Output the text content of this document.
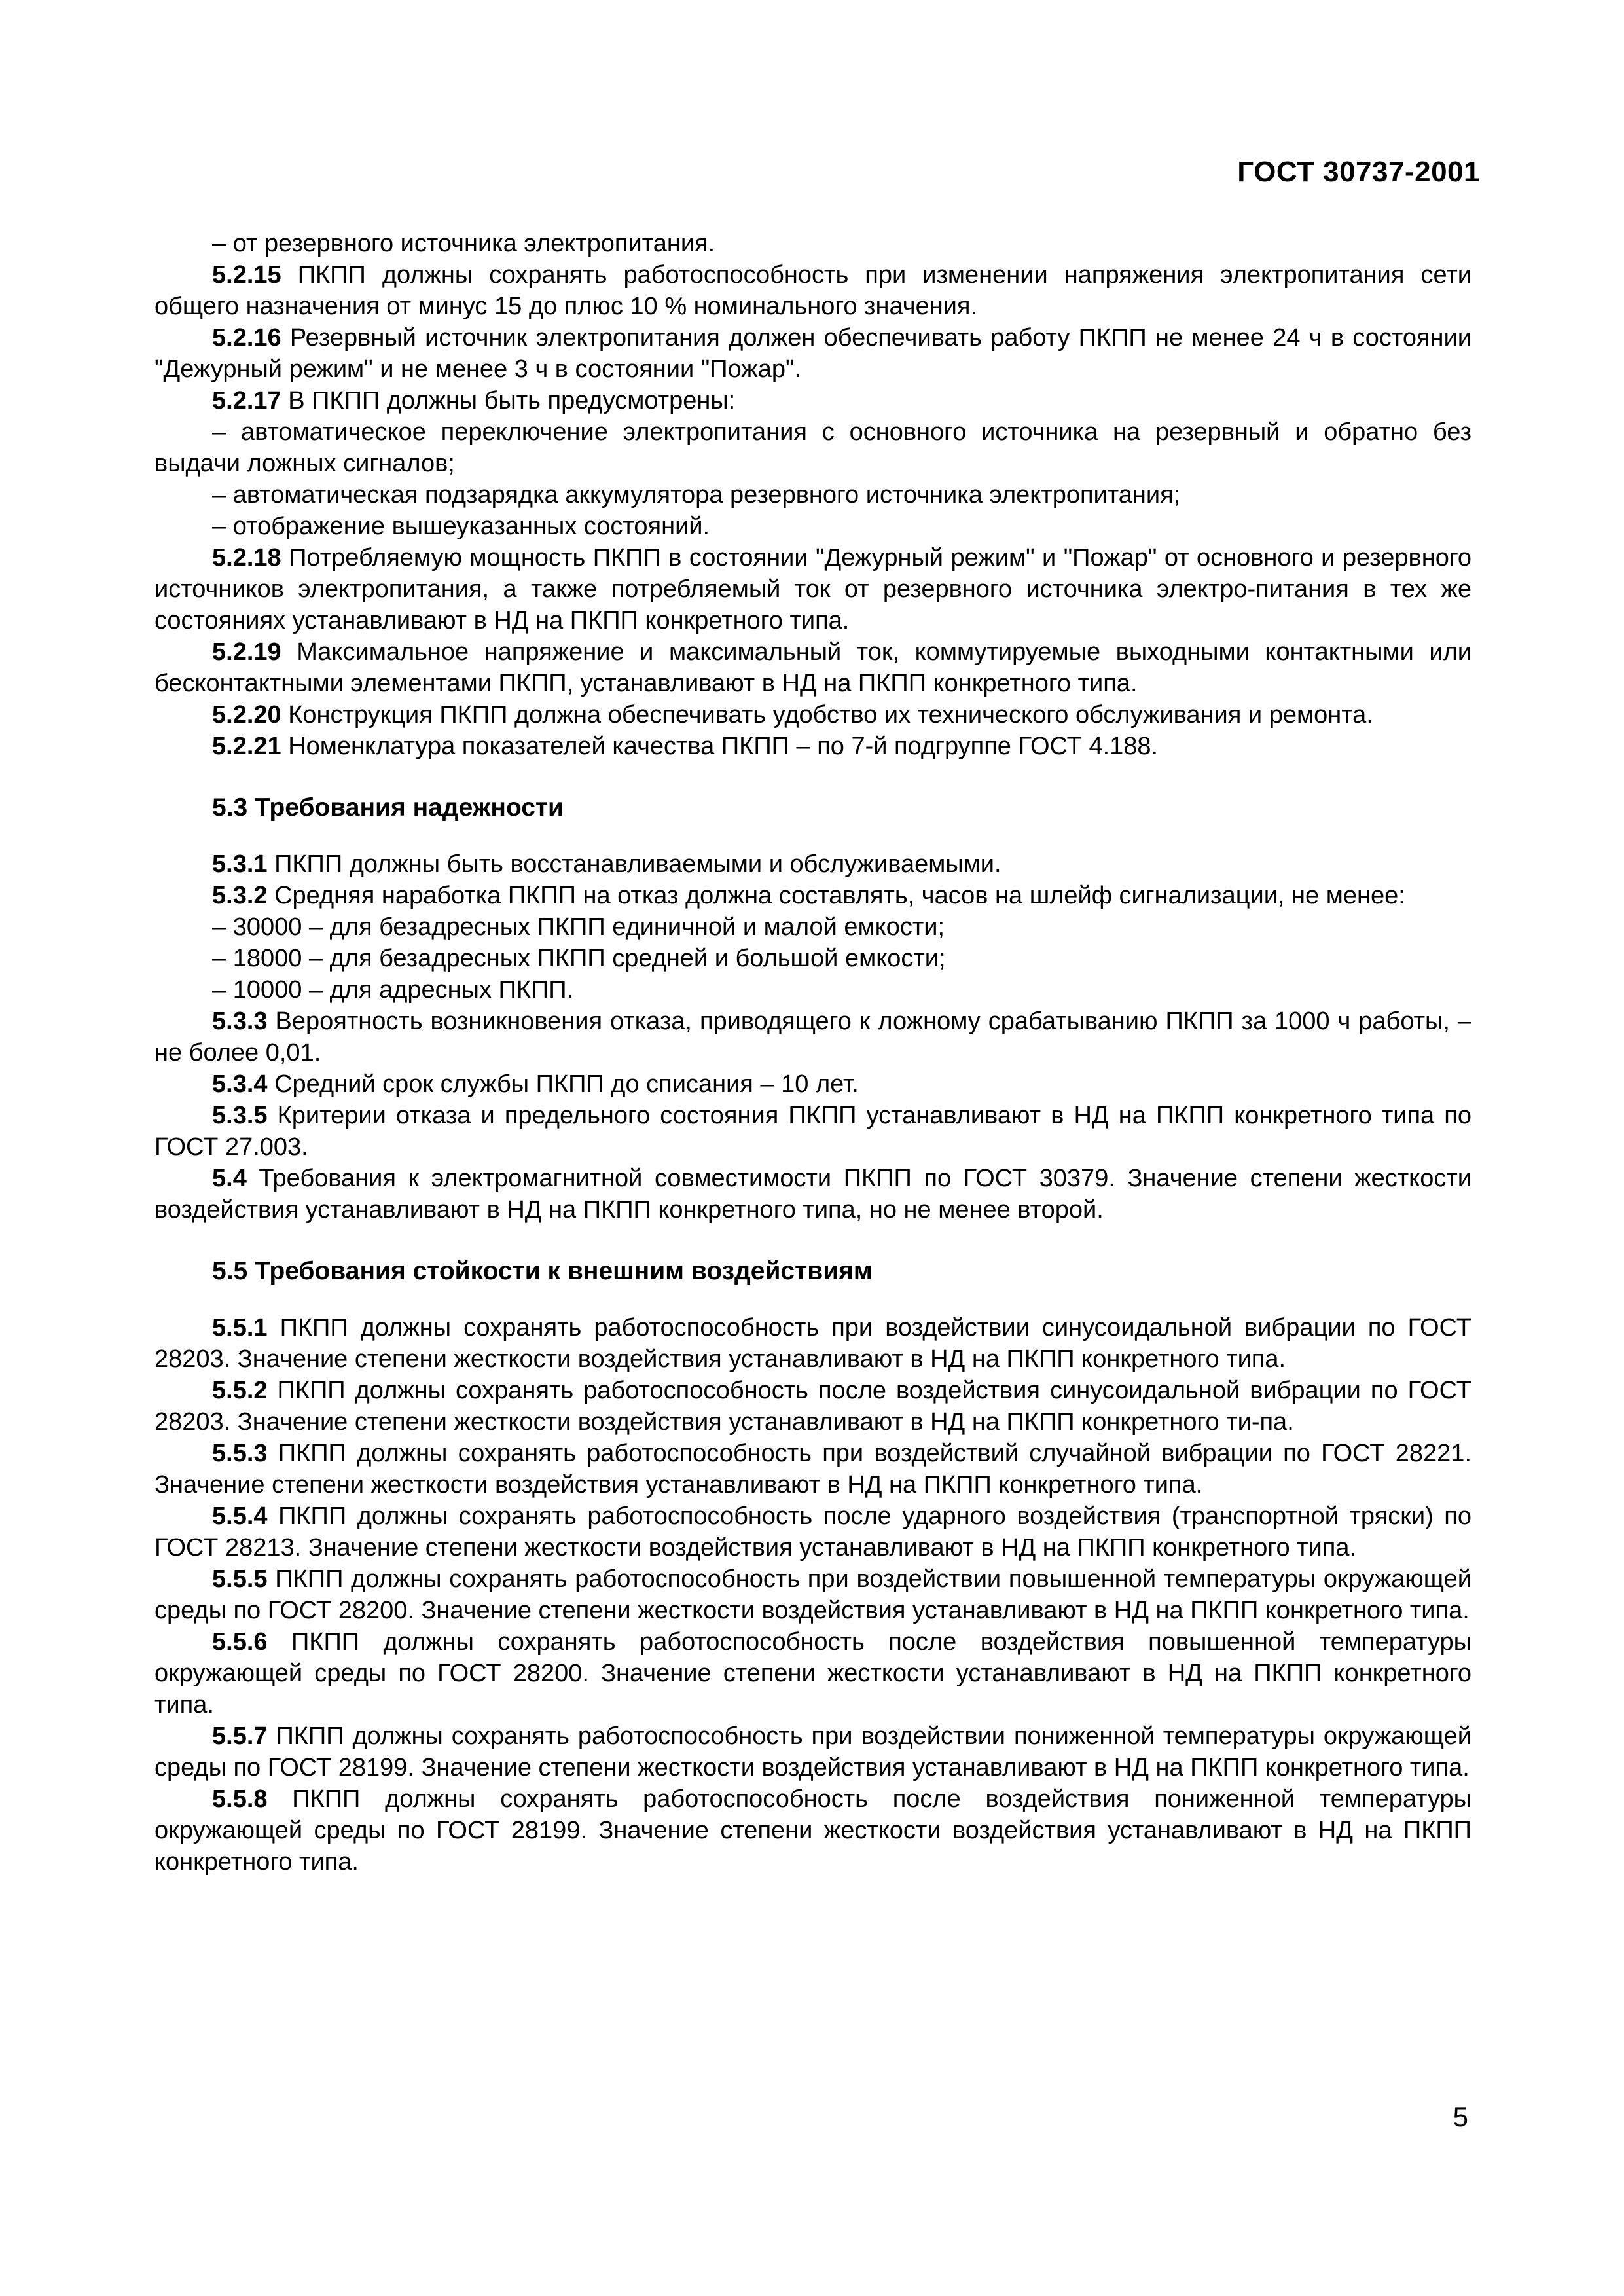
ГОСТ 30737-2001

– от резервного источника электропитания.

5.2.15 ПКПП должны сохранять работоспособность при изменении напряжения электропитания сети общего назначения от минус 15 до плюс 10 % номинального значения.

5.2.16 Резервный источник электропитания должен обеспечивать работу ПКПП не менее 24 ч в состоянии "Дежурный режим" и не менее 3 ч в состоянии "Пожар".

5.2.17 В ПКПП должны быть предусмотрены:

– автоматическое переключение электропитания с основного источника на резервный и обратно без выдачи ложных сигналов;

– автоматическая подзарядка аккумулятора резервного источника электропитания;

– отображение вышеуказанных состояний.

5.2.18 Потребляемую мощность ПКПП в состоянии "Дежурный режим" и "Пожар" от основного и резервного источников электропитания, а также потребляемый ток от резервного источника электро-питания в тех же состояниях устанавливают в НД на ПКПП конкретного типа.

5.2.19 Максимальное напряжение и максимальный ток, коммутируемые выходными контактными или бесконтактными элементами ПКПП, устанавливают в НД на ПКПП конкретного типа.

5.2.20 Конструкция ПКПП должна обеспечивать удобство их технического обслуживания и ремонта.

5.2.21 Номенклатура показателей качества ПКПП – по 7-й подгруппе ГОСТ 4.188.

5.3 Требования надежности

5.3.1 ПКПП должны быть восстанавливаемыми и обслуживаемыми.

5.3.2 Средняя наработка ПКПП на отказ должна составлять, часов на шлейф сигнализации, не менее:

– 30000 – для безадресных ПКПП единичной и малой емкости;

– 18000 – для безадресных ПКПП средней и большой емкости;

– 10000 – для адресных ПКПП.

5.3.3 Вероятность возникновения отказа, приводящего к ложному срабатыванию ПКПП за 1000 ч работы, – не более 0,01.

5.3.4 Средний срок службы ПКПП до списания – 10 лет.

5.3.5 Критерии отказа и предельного состояния ПКПП устанавливают в НД на ПКПП конкретного типа по ГОСТ 27.003.

5.4 Требования к электромагнитной совместимости ПКПП по ГОСТ 30379. Значение степени жесткости воздействия устанавливают в НД на ПКПП конкретного типа, но не менее второй.

5.5 Требования стойкости к внешним воздействиям

5.5.1 ПКПП должны сохранять работоспособность при воздействии синусоидальной вибрации по ГОСТ 28203. Значение степени жесткости воздействия устанавливают в НД на ПКПП конкретного типа.

5.5.2 ПКПП должны сохранять работоспособность после воздействия синусоидальной вибрации по ГОСТ 28203. Значение степени жесткости воздействия устанавливают в НД на ПКПП конкретного ти-па.

5.5.3 ПКПП должны сохранять работоспособность при воздействий случайной вибрации по ГОСТ 28221. Значение степени жесткости воздействия устанавливают в НД на ПКПП конкретного типа.

5.5.4 ПКПП должны сохранять работоспособность после ударного воздействия (транспортной тряски) по ГОСТ 28213. Значение степени жесткости воздействия устанавливают в НД на ПКПП конкретного типа.

5.5.5 ПКПП должны сохранять работоспособность при воздействии повышенной температуры окружающей среды по ГОСТ 28200. Значение степени жесткости воздействия устанавливают в НД на ПКПП конкретного типа.

5.5.6 ПКПП должны сохранять работоспособность после воздействия повышенной температуры окружающей среды по ГОСТ 28200. Значение степени жесткости устанавливают в НД на ПКПП конкретного типа.

5.5.7 ПКПП должны сохранять работоспособность при воздействии пониженной температуры окружающей среды по ГОСТ 28199. Значение степени жесткости воздействия устанавливают в НД на ПКПП конкретного типа.

5.5.8 ПКПП должны сохранять работоспособность после воздействия пониженной температуры окружающей среды по ГОСТ 28199. Значение степени жесткости воздействия устанавливают в НД на ПКПП конкретного типа.

5
